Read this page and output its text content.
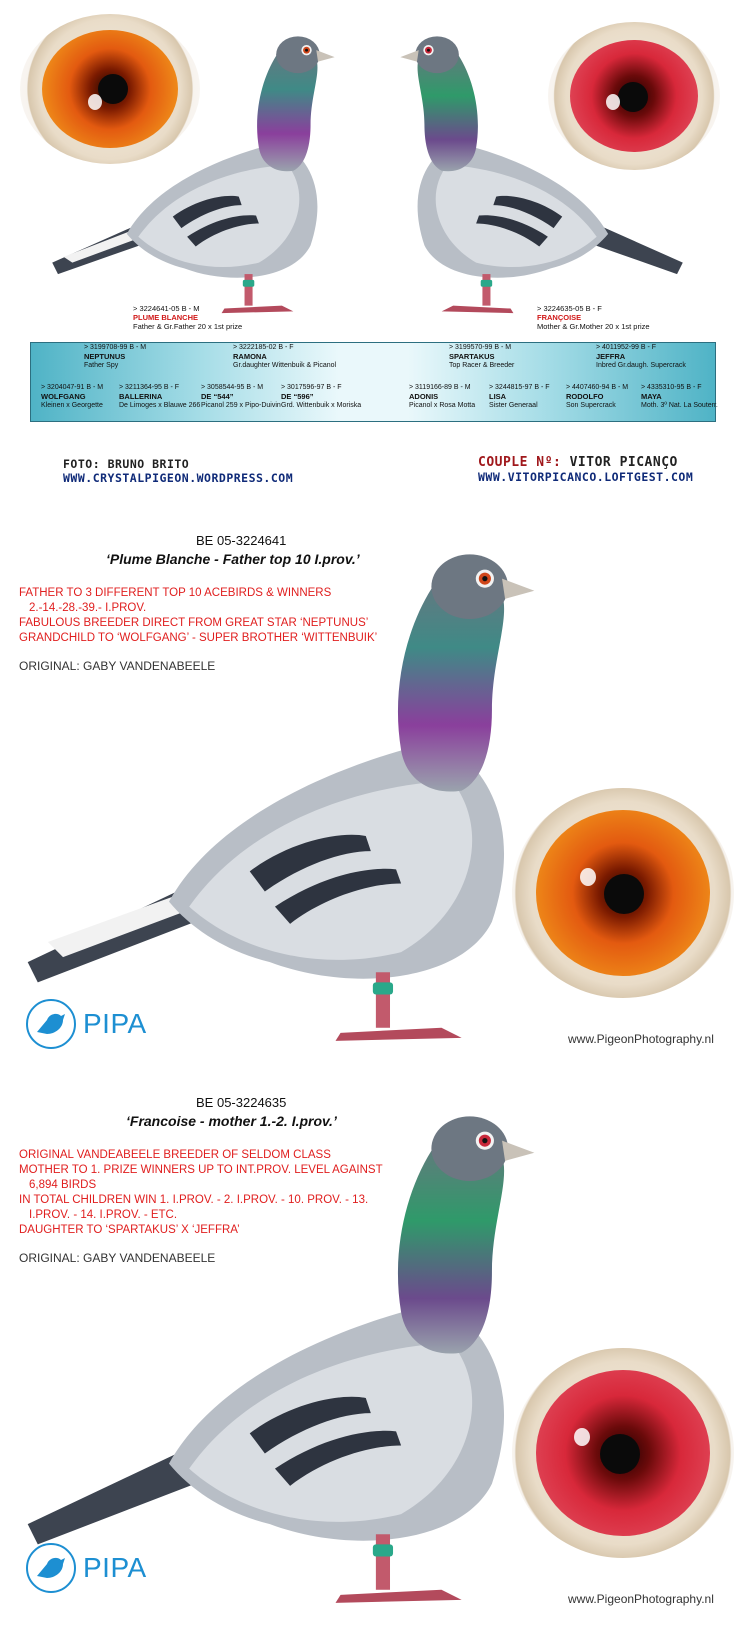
> 3224641-05 B - M
PLUME BLANCHE
Father & Gr.Father 20 x 1st prize
> 3224635-05 B - F
FRANÇOISE
Mother & Gr.Mother 20 x 1st prize
> 3199708-99 B - M
NEPTUNUS
Father Spy
> 3222185-02 B - F
RAMONA
Gr.daughter Wittenbuik & Picanol
> 3199570-99 B - M
SPARTAKUS
Top Racer & Breeder
> 4011952-99 B - F
JEFFRA
Inbred Gr.daugh. Supercrack
> 3204047-91 B - M
WOLFGANG
Kleinen x Georgette
> 3211364-95 B - F
BALLERINA
De Limoges x Blauwe 266
> 3058544-95 B - M
DE “544”
Picanol 259 x Pipo-Duivin
> 3017596-97 B - F
DE “596”
Grd. Wittenbuik x Moriska
> 3119166-89 B - M
ADONIS
Picanol x Rosa Motta
> 3244815-97 B - F
LISA
Sister Generaal
> 4407460-94 B - M
RODOLFO
Son Supercrack
> 4335310-95 B - F
MAYA
Moth. 3º Nat. La Souterr.
FOTO: BRUNO BRITO
WWW.CRYSTALPIGEON.WORDPRESS.COM
COUPLE Nº: VITOR PICANÇO
WWW.VITORPICANCO.LOFTGEST.COM
BE 05-3224641
‘Plume Blanche - Father top 10 I.prov.’
FATHER TO 3 DIFFERENT TOP 10 ACEBIRDS & WINNERS
2.-14.-28.-39.- I.PROV.
FABULOUS BREEDER DIRECT FROM GREAT STAR ‘NEPTUNUS’
GRANDCHILD TO ‘WOLFGANG’ - SUPER BROTHER ‘WITTENBUIK’
ORIGINAL: GABY VANDENABEELE
PIPA	www.PigeonPhotography.nl
BE 05-3224635
‘Francoise - mother 1.-2. I.prov.’
ORIGINAL VANDEABEELE BREEDER OF SELDOM CLASS
MOTHER TO 1. PRIZE WINNERS UP TO INT.PROV. LEVEL AGAINST
6,894 BIRDS
IN TOTAL CHILDREN WIN 1. I.PROV. - 2. I.PROV. - 10. PROV. - 13.
I.PROV. - 14. I.PROV. - ETC.
DAUGHTER TO ‘SPARTAKUS’ X ‘JEFFRA’
ORIGINAL: GABY VANDENABEELE
PIPA
www.PigeonPhotography.nl
